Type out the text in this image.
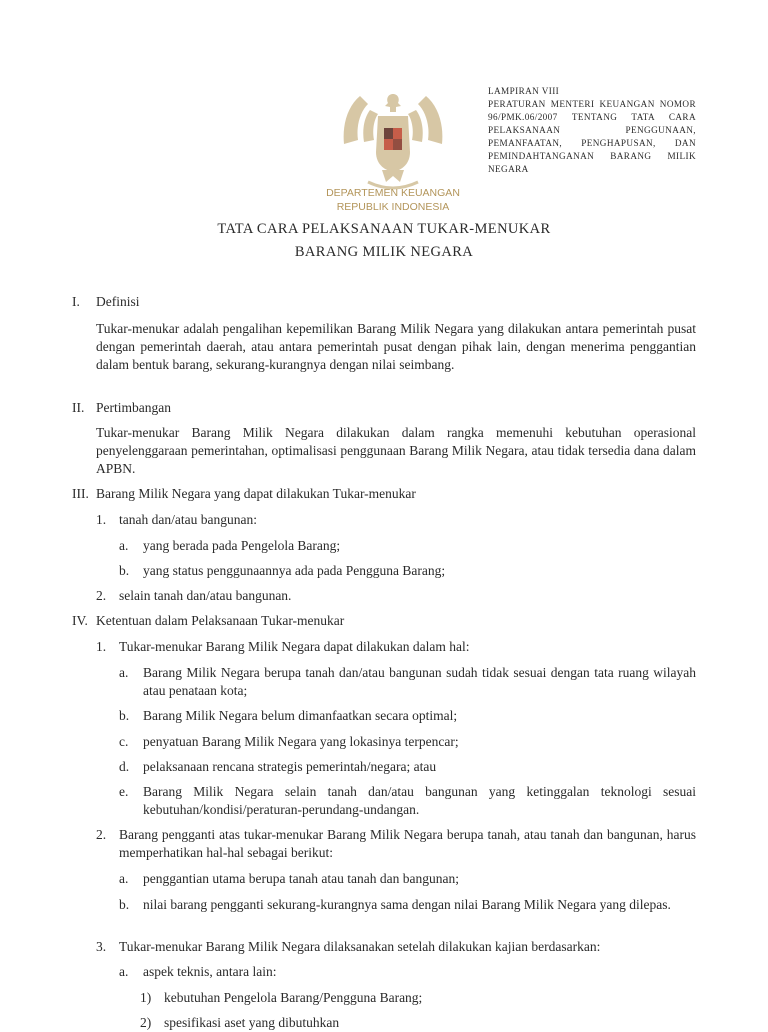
DEPARTEMEN KEUANGAN
REPUBLIK INDONESIA
LAMPIRAN VIII
PERATURAN MENTERI KEUANGAN NOMOR 96/PMK.06/2007 TENTANG TATA CARA PELAKSANAAN PENGGUNAAN, PEMANFAATAN, PENGHAPUSAN, DAN PEMINDAHTANGANAN BARANG MILIK NEGARA
TATA CARA PELAKSANAAN TUKAR-MENUKAR
BARANG MILIK NEGARA
I. Definisi
Tukar-menukar adalah pengalihan kepemilikan Barang Milik Negara yang dilakukan antara pemerintah pusat dengan pemerintah daerah, atau antara pemerintah pusat dengan pihak lain, dengan menerima penggantian dalam bentuk barang, sekurang-kurangnya dengan nilai seimbang.
II. Pertimbangan
Tukar-menukar Barang Milik Negara dilakukan dalam rangka memenuhi kebutuhan operasional penyelenggaraan pemerintahan, optimalisasi penggunaan Barang Milik Negara, atau tidak tersedia dana dalam APBN.
III. Barang Milik Negara yang dapat dilakukan Tukar-menukar
1. tanah dan/atau bangunan:
a. yang berada pada Pengelola Barang;
b. yang status penggunaannya ada pada Pengguna Barang;
2. selain tanah dan/atau bangunan.
IV. Ketentuan dalam Pelaksanaan Tukar-menukar
1. Tukar-menukar Barang Milik Negara dapat dilakukan dalam hal:
a. Barang Milik Negara berupa tanah dan/atau bangunan sudah tidak sesuai dengan tata ruang wilayah atau penataan kota;
b. Barang Milik Negara belum dimanfaatkan secara optimal;
c. penyatuan Barang Milik Negara yang lokasinya terpencar;
d. pelaksanaan rencana strategis pemerintah/negara; atau
e. Barang Milik Negara selain tanah dan/atau bangunan yang ketinggalan teknologi sesuai kebutuhan/kondisi/peraturan-perundang-undangan.
2. Barang pengganti atas tukar-menukar Barang Milik Negara berupa tanah, atau tanah dan bangunan, harus memperhatikan hal-hal sebagai berikut:
a. penggantian utama berupa tanah atau tanah dan bangunan;
b. nilai barang pengganti sekurang-kurangnya sama dengan nilai Barang Milik Negara yang dilepas.
3. Tukar-menukar Barang Milik Negara dilaksanakan setelah dilakukan kajian berdasarkan:
a. aspek teknis, antara lain:
1) kebutuhan Pengelola Barang/Pengguna Barang;
2) spesifikasi aset yang dibutuhkan
